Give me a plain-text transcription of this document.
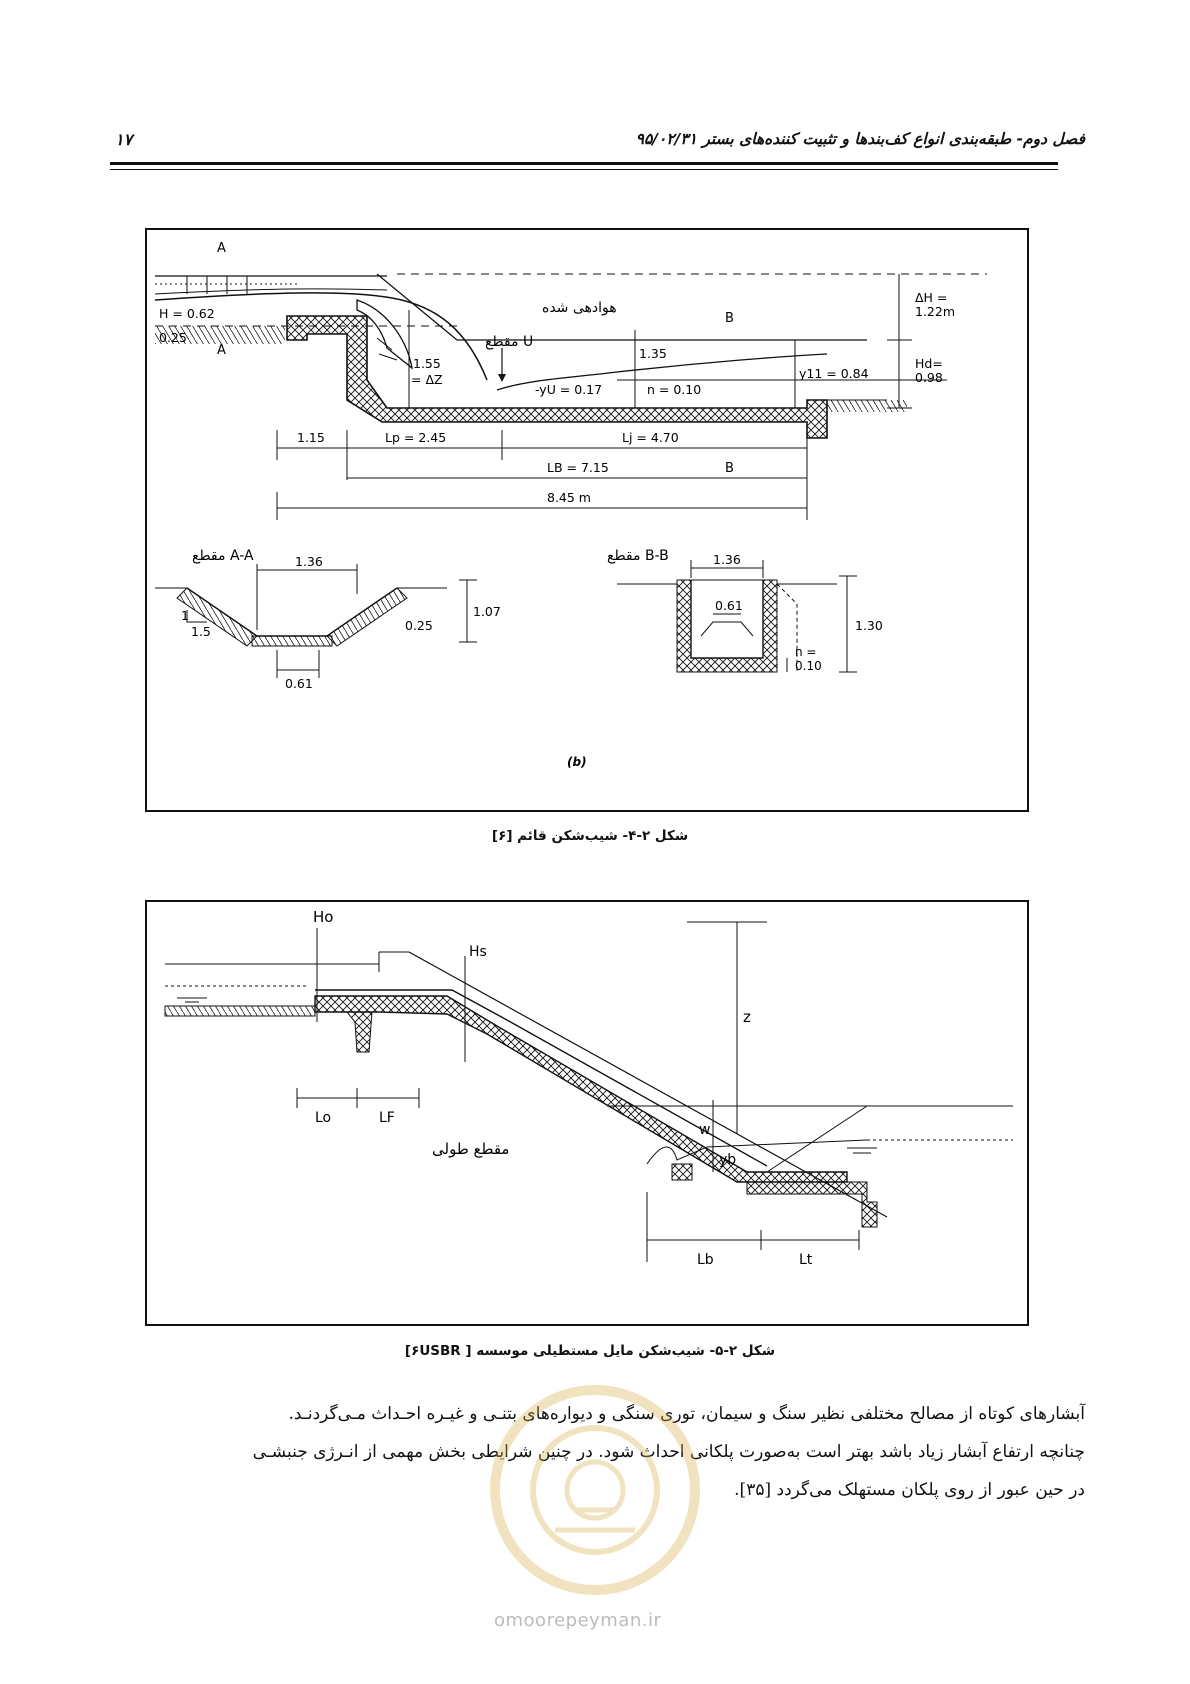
فصل دوم- طبقه‌بندی انواع کف‌بندها و تثبیت کننده‌های بستر ۹۵/۰۲/۳۱
۱۷
A
A
H = 0.62
0.25
هوادهی شده
مقطع U
1.55
= ΔZ
1.35
-yU = 0.17	n = 0.10
y11 = 0.84
B
B
ΔH =
1.22m
Hd=
0.98
1.15	Lp = 2.45	Lj = 4.70
LB = 7.15
8.45 m
مقطع A-A	مقطع B-B
1.36
1.07
1
1.5
0.61
0.25
1.36
0.61
1.30
n =
0.10
(b)
شکل ۲-۴- شیب‌شکن قائم [۶]
Ho
Hs
z
w
yb
Lo	LF
Lb	Lt
مقطع طولی
شکل ۲-۵- شیب‌شکن مایل مستطیلی موسسه [ ۶USBR]

آبشارهای کوتاه از مصالح مختلفی نظیر سنگ و سیمان، توری سنگی و دیواره‌های بتنـی و غیـره احـداث مـی‌گردنـد.

چنانچه ارتفاع آبشار زیاد باشد بهتر است به‌صورت پلکانی احداث شود. در چنین شرایطی بخش مهمی از انـرژی جنبشـی

در حین عبور از روی پلکان مستهلک می‌گردد [۳۵].

omoorepeyman.ir
